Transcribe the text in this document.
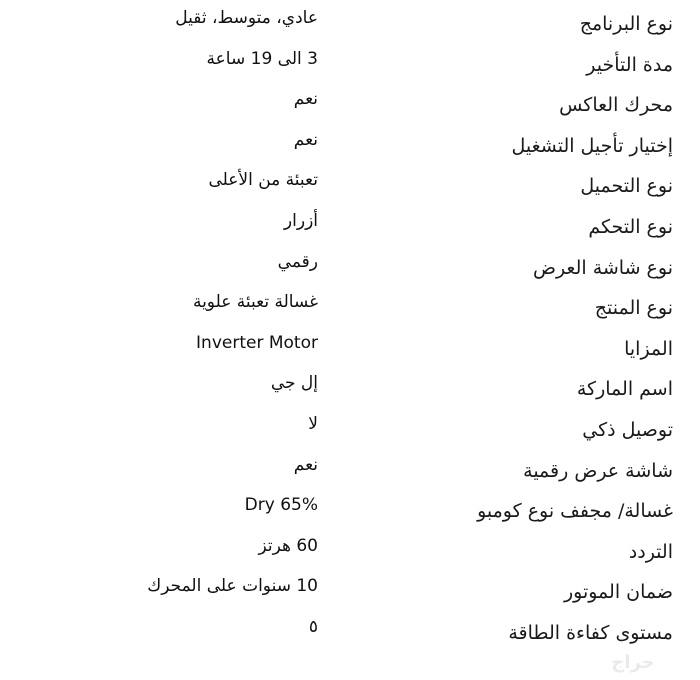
نوع البرنامج
عادي، متوسط، ثقيل
مدة التأخير
3 الى 19 ساعة
محرك العاكس
نعم
إختيار تأجيل التشغيل
نعم
نوع التحميل
تعبئة من الأعلى
نوع التحكم
أزرار
نوع شاشة العرض
رقمي
نوع المنتج
غسالة تعبئة علوية
المزايا
Inverter Motor
اسم الماركة
إل جي
توصيل ذكي
لا
شاشة عرض رقمية
نعم
غسالة/ مجفف نوع كومبو
Dry 65%
التردد
60 هرتز
ضمان الموتور
10 سنوات على المحرك
مستوى كفاءة الطاقة
٥
حراج
